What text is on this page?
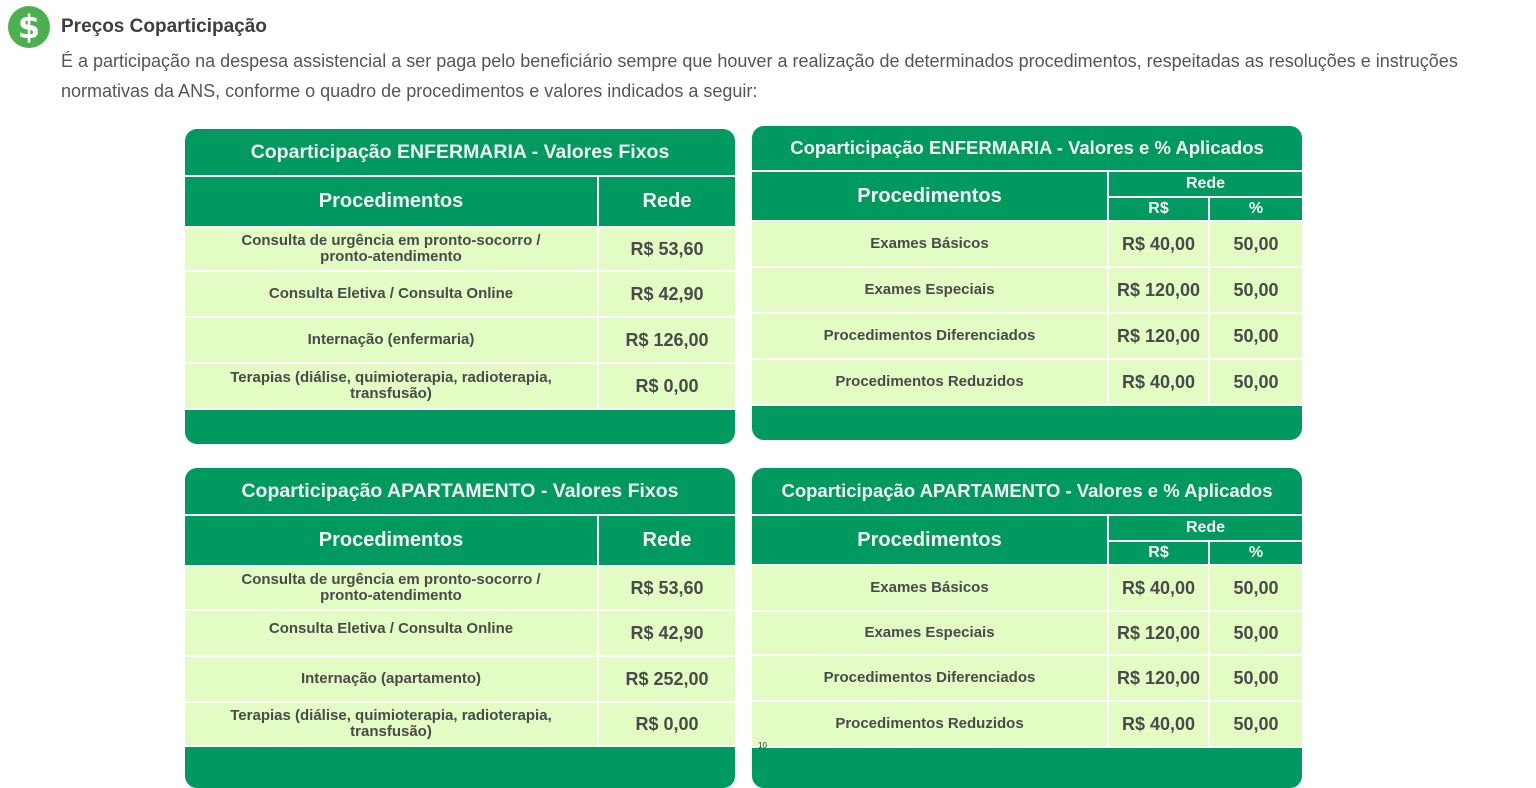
$	Preços Coparticipação
É a participação na despesa assistencial a ser paga pelo beneficiário sempre que houver a realização de determinados procedimentos, respeitadas as resoluções e instruções normativas da ANS, conforme o quadro de procedimentos e valores indicados a seguir:
Coparticipação ENFERMARIA - Valores Fixos
Procedimentos	Rede
Consulta de urgência em pronto-socorro / pronto-atendimento	R$ 53,60
Consulta Eletiva / Consulta Online	R$ 42,90
Internação (enfermaria)	R$ 126,00
Terapias (diálise, quimioterapia, radioterapia, transfusão)	R$ 0,00
Coparticipação ENFERMARIA - Valores e % Aplicados
Procedimentos	Rede	
	R$	%
Exames Básicos	R$ 40,00	50,00
Exames Especiais	R$ 120,00	50,00
Procedimentos Diferenciados	R$ 120,00	50,00
Procedimentos Reduzidos	R$ 40,00	50,00
Coparticipação APARTAMENTO - Valores Fixos
Procedimentos	Rede
Consulta de urgência em pronto-socorro / pronto-atendimento	R$ 53,60
Consulta Eletiva / Consulta Online	R$ 42,90
Internação (apartamento)	R$ 252,00
Terapias (diálise, quimioterapia, radioterapia, transfusão)	R$ 0,00
Coparticipação APARTAMENTO - Valores e % Aplicados
Procedimentos	Rede	
	R$	%
Exames Básicos	R$ 40,00	50,00
Exames Especiais	R$ 120,00	50,00
Procedimentos Diferenciados	R$ 120,00	50,00
Procedimentos Reduzidos	R$ 40,00	50,00
10
